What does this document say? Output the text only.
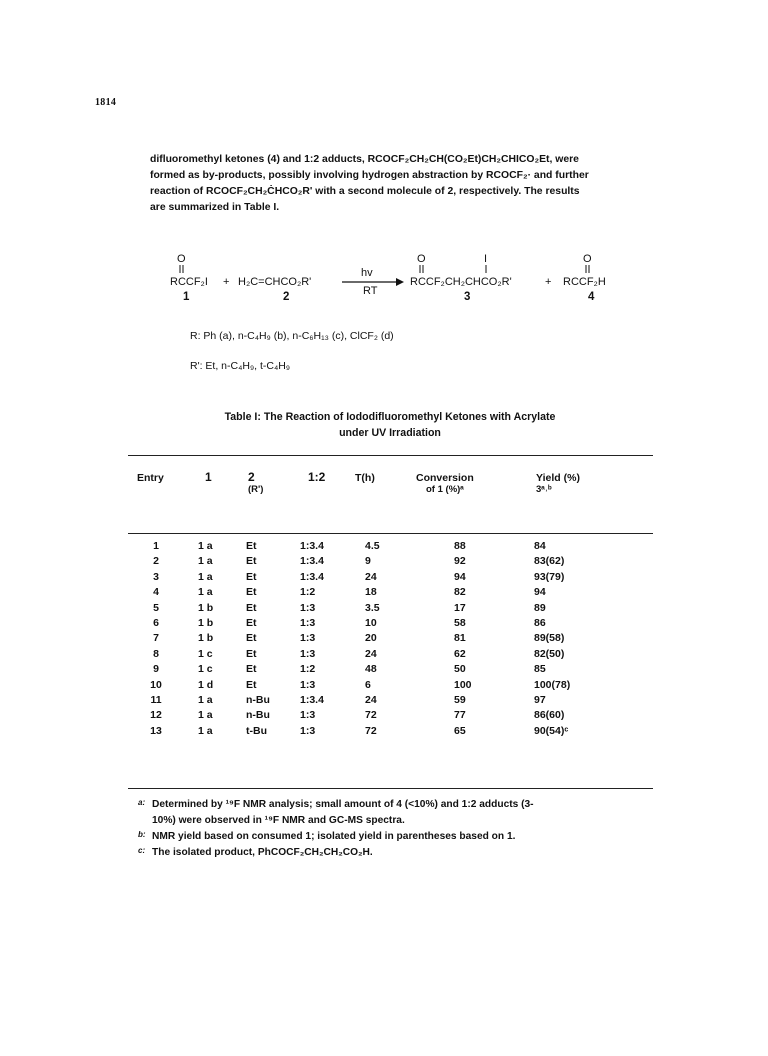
1814

difluoromethyl ketones (4) and 1:2 adducts, RCOCF₂CH₂CH(CO₂Et)CH₂CHICO₂Et, were
formed as by-products, possibly involving hydrogen abstraction by RCOCF₂· and further
reaction of RCOCF₂CH₂ĊHCO₂R' with a second molecule of 2, respectively. The results
are summarized in Table I.

O
RCCF₂I
1
+ H₂C=CHCO₂R'
2
hv
RT
O	I
RCCF₂CH₂CHCO₂R'
3
+
O
RCCF₂H
4
R: Ph (a), n-C₄H₉ (b), n-C₆H₁₃ (c), ClCF₂ (d)
R': Et, n-C₄H₉, t-C₄H₉
Table I: The Reaction of Iododifluoromethyl Ketones with Acrylate
under UV Irradiation
Entry	1	2
(R')
1:2	T(h)	Conversion
of 1 (%)ᵃ
Yield (%)
3ᵃ˒ᵇ
1	1 a	Et	1:3.4	4.5	88	84
2	1 a	Et	1:3.4	9	92	83(62)
3	1 a	Et	1:3.4	24	94	93(79)
4	1 a	Et	1:2	18	82	94
5	1 b	Et	1:3	3.5	17	89
6	1 b	Et	1:3	10	58	86
7	1 b	Et	1:3	20	81	89(58)
8	1 c	Et	1:3	24	62	82(50)
9	1 c	Et	1:2	48	50	85
10	1 d	Et	1:3	6	100	100(78)
11	1 a	n-Bu	1:3.4	24	59	97
12	1 a	n-Bu	1:3	72	77	86(60)
13	1 a	t-Bu	1:3	72	65	90(54)ᶜ
a: Determined by ¹⁹F NMR analysis; small amount of 4 (<10%) and 1:2 adducts (3-
10%) were observed in ¹⁹F NMR and GC-MS spectra.
b: NMR yield based on consumed 1; isolated yield in parentheses based on 1.
c: The isolated product, PhCOCF₂CH₂CH₂CO₂H.
